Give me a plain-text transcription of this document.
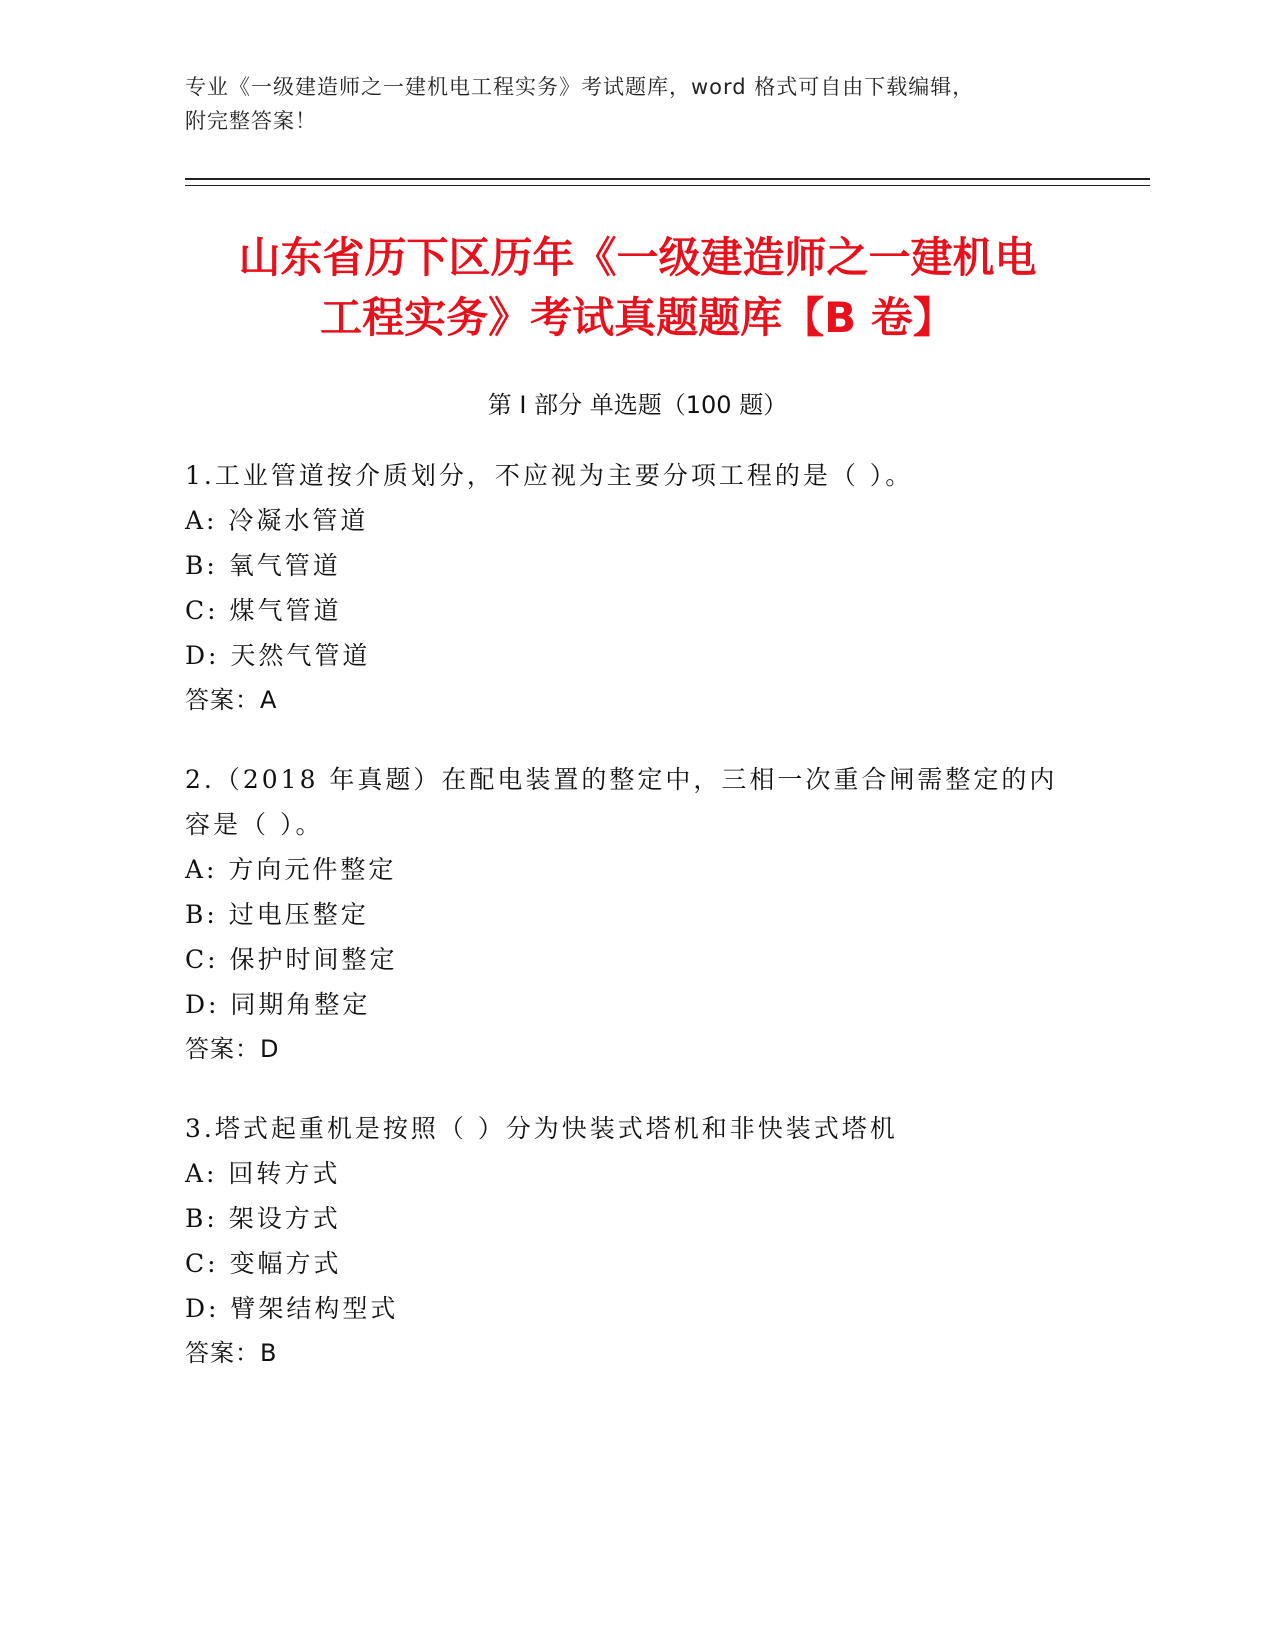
专业《一级建造师之一建机电工程实务》考试题库，word 格式可自由下载编辑，
附完整答案！
山东省历下区历年《一级建造师之一建机电
工程实务》考试真题题库【B 卷】
第 I 部分 单选题（100 题）

1.工业管道按介质划分，不应视为主要分项工程的是（ ）。

A: 冷凝水管道

B: 氧气管道

C: 煤气管道

D: 天然气管道

答案：A

2.（2018 年真题）在配电装置的整定中，三相一次重合闸需整定的内

容是（ ）。

A: 方向元件整定

B: 过电压整定

C: 保护时间整定

D: 同期角整定

答案：D

3.塔式起重机是按照（ ）分为快装式塔机和非快装式塔机

A: 回转方式

B: 架设方式

C: 变幅方式

D: 臂架结构型式

答案：B
